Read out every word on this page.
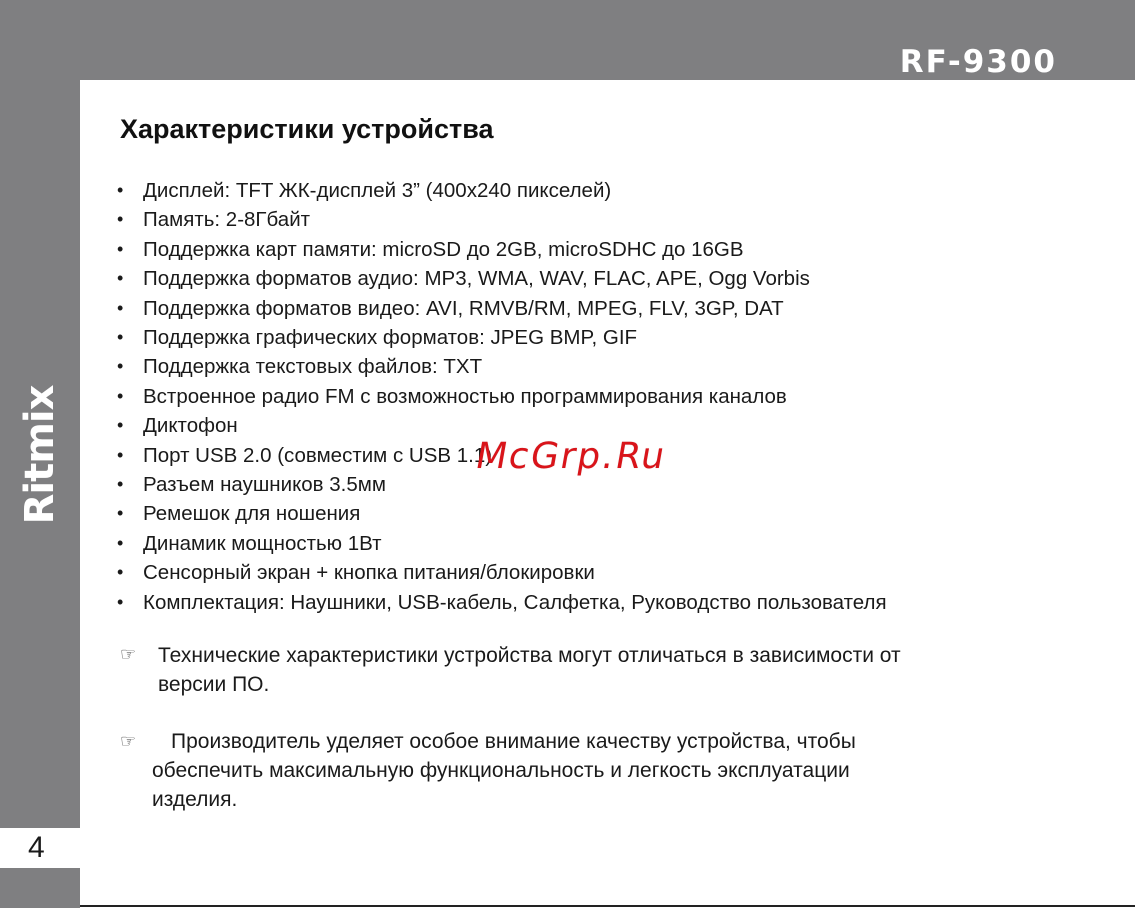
RF-9300
Ritmix
4
Характеристики устройства
• Дисплей: TFT ЖК-дисплей 3” (400x240 пикселей)
• Память: 2-8Гбайт
• Поддержка карт памяти: microSD до 2GB, microSDHC до 16GB
• Поддержка форматов аудио: MP3, WMA, WAV, FLAC, APE, Ogg Vorbis
• Поддержка форматов видео: AVI, RMVB/RM, MPEG, FLV, 3GP, DAT
• Поддержка графических форматов: JPEG BMP, GIF
• Поддержка текстовых файлов: TXT
• Встроенное радио FM с возможностью программирования каналов
• Диктофон
• Порт USB 2.0 (совместим с USB 1.1)
• Разъем наушников 3.5мм
• Ремешок для ношения
• Динамик мощностью 1Вт
• Сенсорный экран + кнопка питания/блокировки
• Комплектация: Наушники, USB-кабель, Салфетка, Руководство пользователя
☞ Технические характеристики устройства могут отличаться в зависимости от
версии ПО.
☞	Производитель уделяет особое внимание качеству устройства, чтобы
обеспечить максимальную функциональность и легкость эксплуатации
изделия.
McGrp.Ru
